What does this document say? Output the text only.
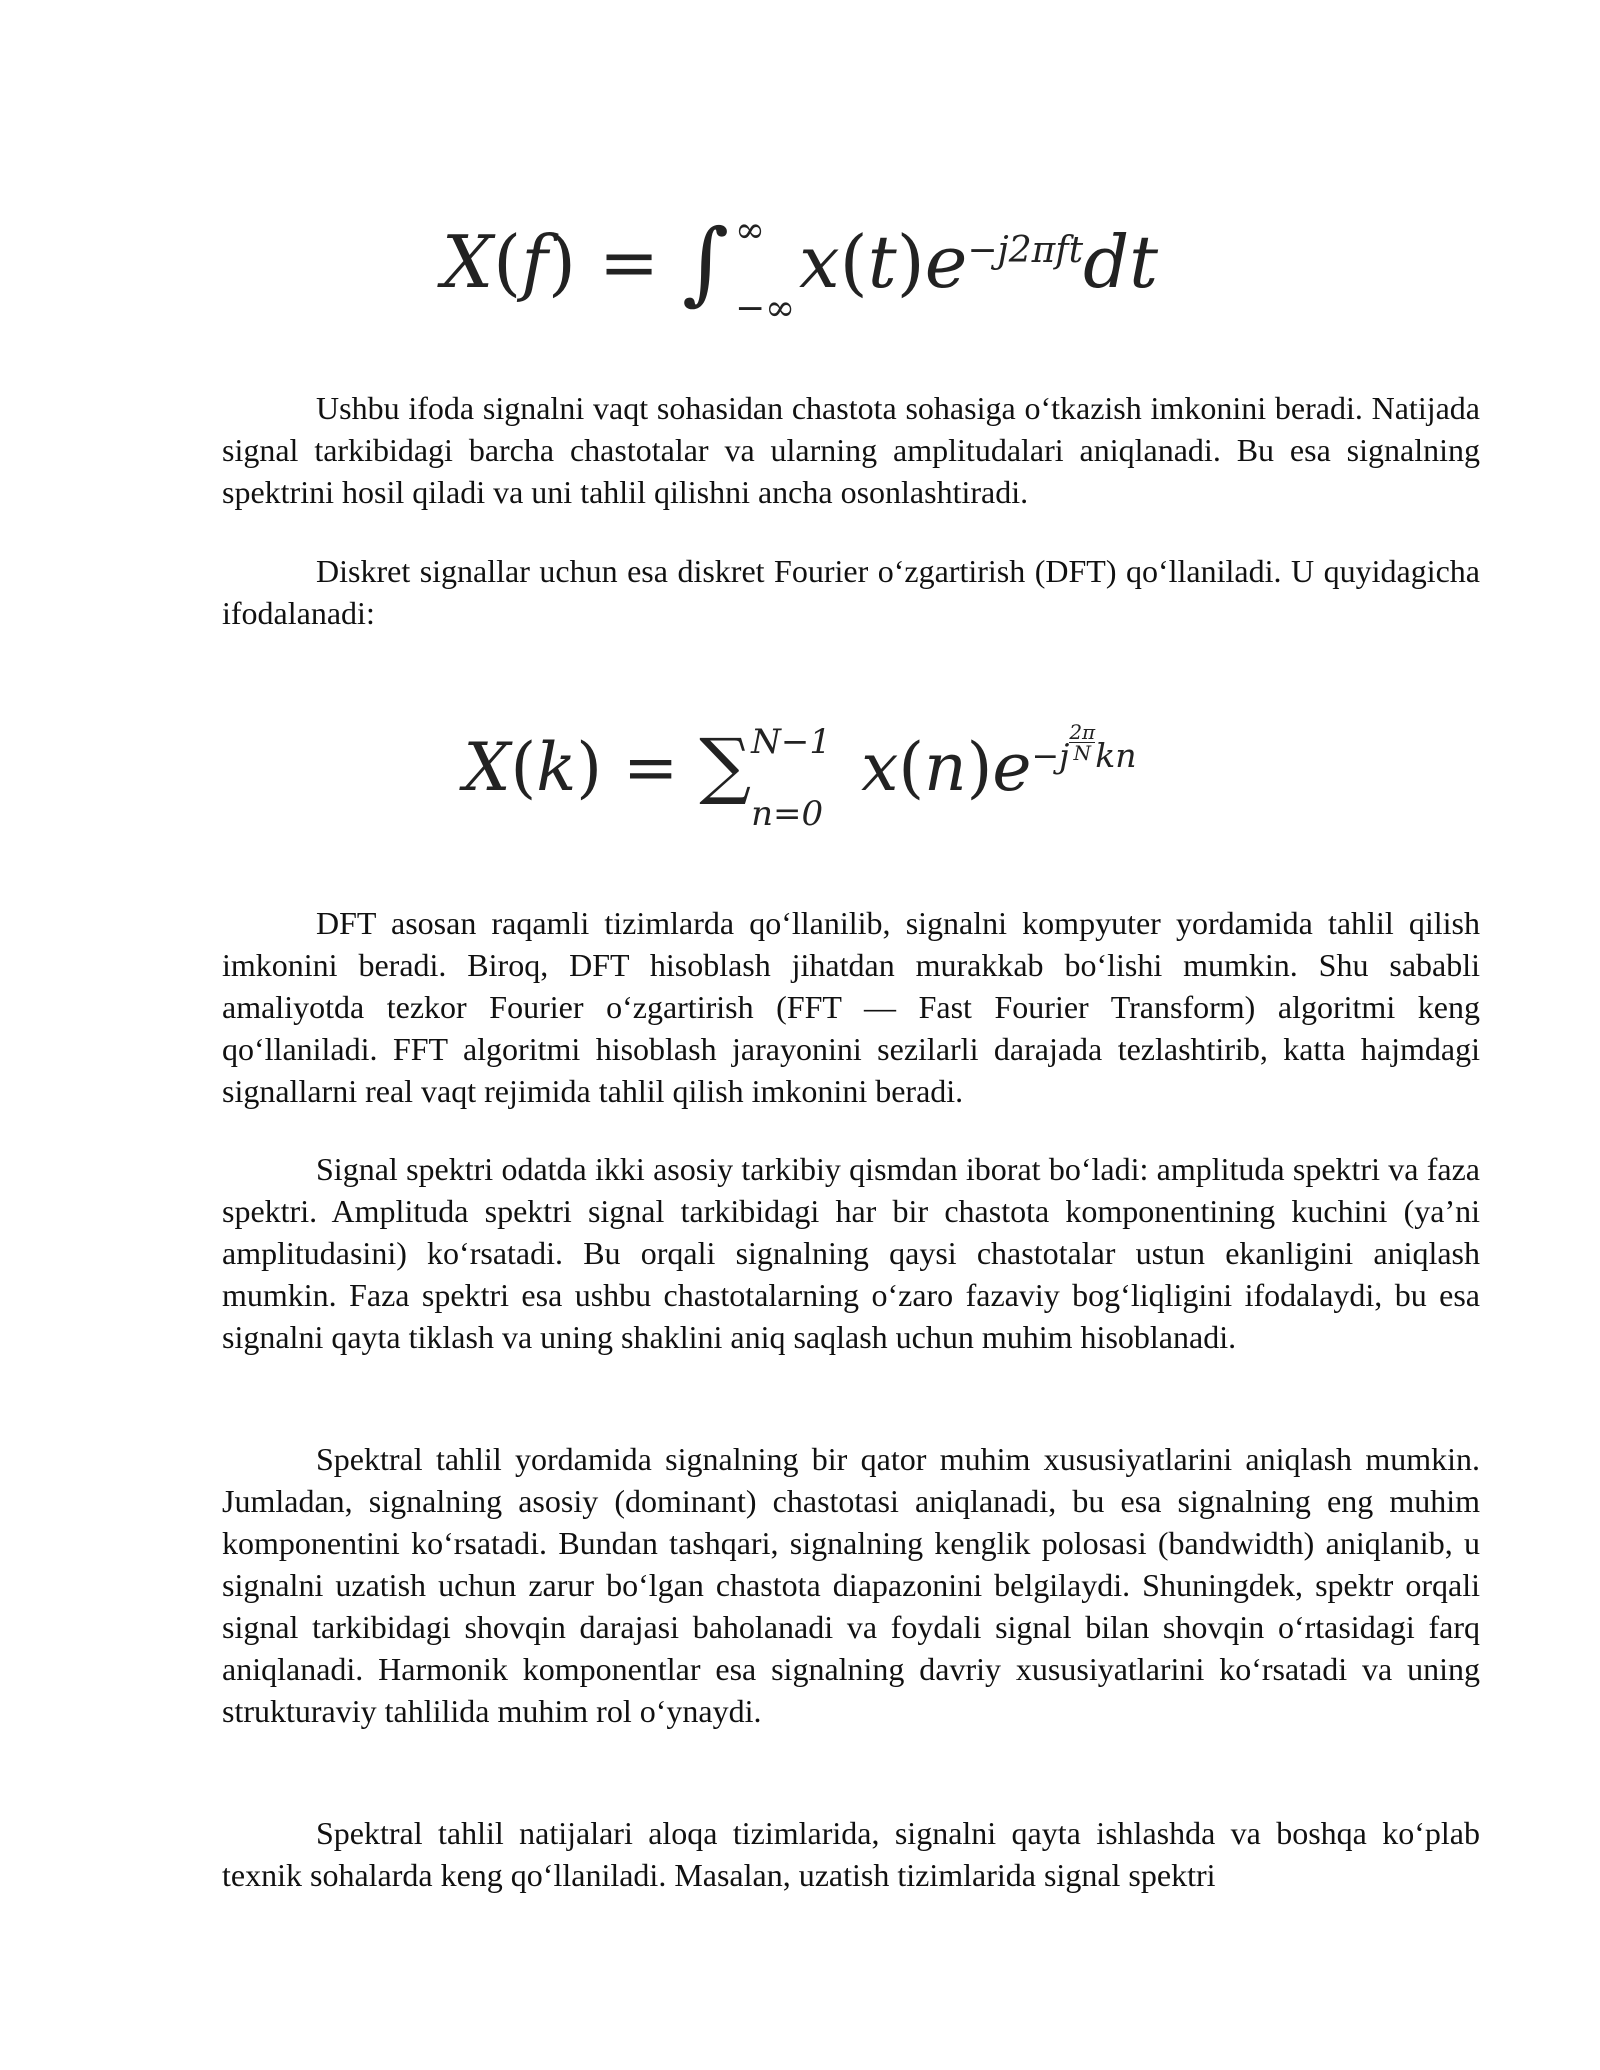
X(f) = ∫ ∞
−∞
$x(t)e^{-j2\pi ft}dt$

Ushbu ifoda signalni vaqt sohasidan chastota sohasiga oʻtkazish imkonini beradi. Natijada signal tarkibidagi barcha chastotalar va ularning amplitudalari aniqlanadi. Bu esa signalning spektrini hosil qiladi va uni tahlil qilishni ancha osonlashtiradi.

Diskret signallar uchun esa diskret Fourier oʻzgartirish (DFT) qoʻllaniladi. U quyidagicha ifodalanadi:

X(k) = ∑ N−1
n=0
$x(n)e^{-j} \frac{2\pi}{N} ^{kn}$

DFT asosan raqamli tizimlarda qoʻllanilib, signalni kompyuter yordamida tahlil qilish imkonini beradi. Biroq, DFT hisoblash jihatdan murakkab boʻlishi mumkin. Shu sababli amaliyotda tezkor Fourier oʻzgartirish (FFT — Fast Fourier Transform) algoritmi keng qoʻllaniladi. FFT algoritmi hisoblash jarayonini sezilarli darajada tezlashtirib, katta hajmdagi signallarni real vaqt rejimida tahlil qilish imkonini beradi.

Signal spektri odatda ikki asosiy tarkibiy qismdan iborat boʻladi: amplituda spektri va faza spektri. Amplituda spektri signal tarkibidagi har bir chastota komponentining kuchini (yaʼni amplitudasini) koʻrsatadi. Bu orqali signalning qaysi chastotalar ustun ekanligini aniqlash mumkin. Faza spektri esa ushbu chastotalarning oʻzaro fazaviy bogʻliqligini ifodalaydi, bu esa signalni qayta tiklash va uning shaklini aniq saqlash uchun muhim hisoblanadi.

Spektral tahlil yordamida signalning bir qator muhim xususiyatlarini aniqlash mumkin. Jumladan, signalning asosiy (dominant) chastotasi aniqlanadi, bu esa signalning eng muhim komponentini koʻrsatadi. Bundan tashqari, signalning kenglik polosasi (bandwidth) aniqlanib, u signalni uzatish uchun zarur boʻlgan chastota diapazonini belgilaydi. Shuningdek, spektr orqali signal tarkibidagi shovqin darajasi baholanadi va foydali signal bilan shovqin oʻrtasidagi farq aniqlanadi. Harmonik komponentlar esa signalning davriy xususiyatlarini koʻrsatadi va uning strukturaviy tahlilida muhim rol oʻynaydi.

Spektral tahlil natijalari aloqa tizimlarida, signalni qayta ishlashda va boshqa koʻplab texnik sohalarda keng qoʻllaniladi. Masalan, uzatish tizimlarida signal spektri
